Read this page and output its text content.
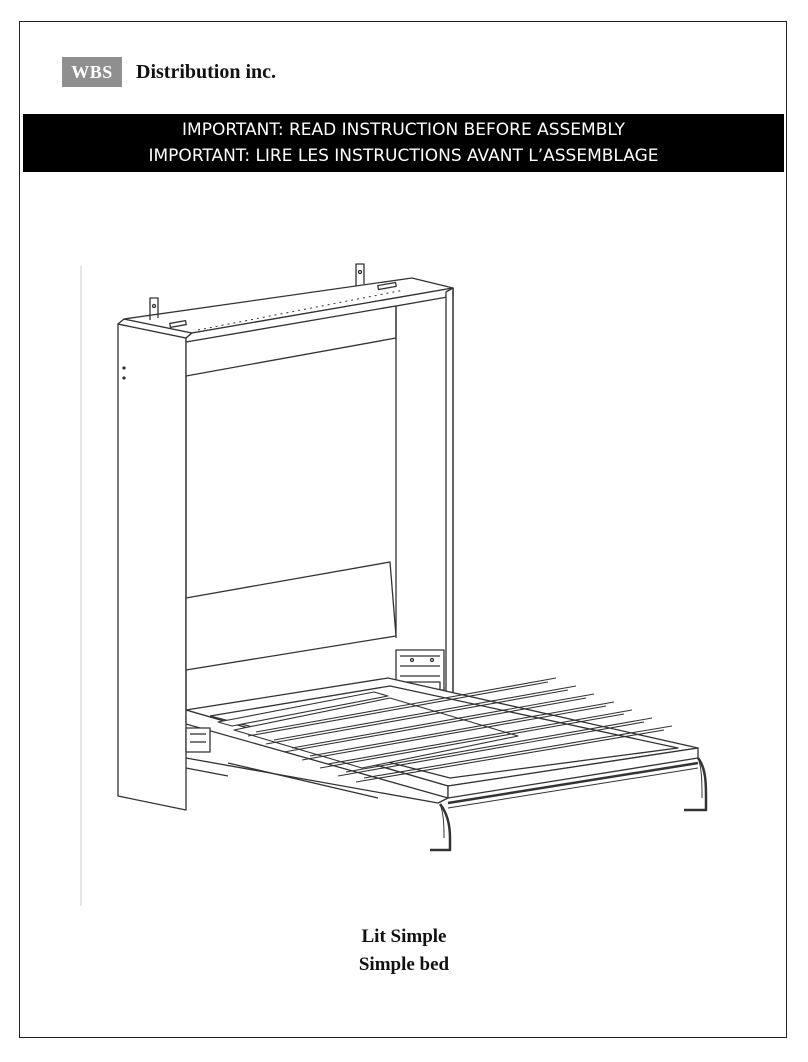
WBS	Distribution inc.
IMPORTANT: READ INSTRUCTION BEFORE ASSEMBLY
IMPORTANT: LIRE LES INSTRUCTIONS AVANT L’ASSEMBLAGE
Lit Simple
Simple bed
